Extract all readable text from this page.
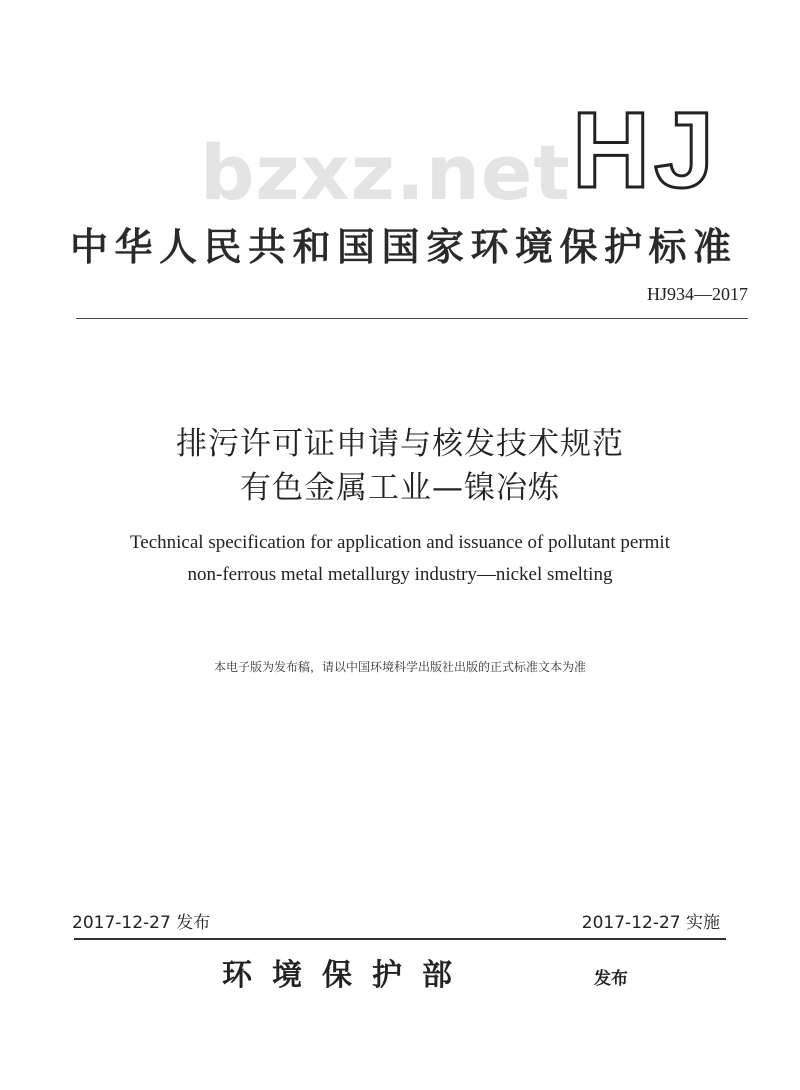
bzxz.net HJ
中华人民共和国国家环境保护标准
HJ934—2017
排污许可证申请与核发技术规范
有色金属工业—镍冶炼
Technical specification for application and issuance of pollutant permit
non-ferrous metal metallurgy industry—nickel smelting
本电子版为发布稿，请以中国环境科学出版社出版的正式标准文本为准
2017-12-27 发布	2017-12-27 实施
环境保护部	发布
